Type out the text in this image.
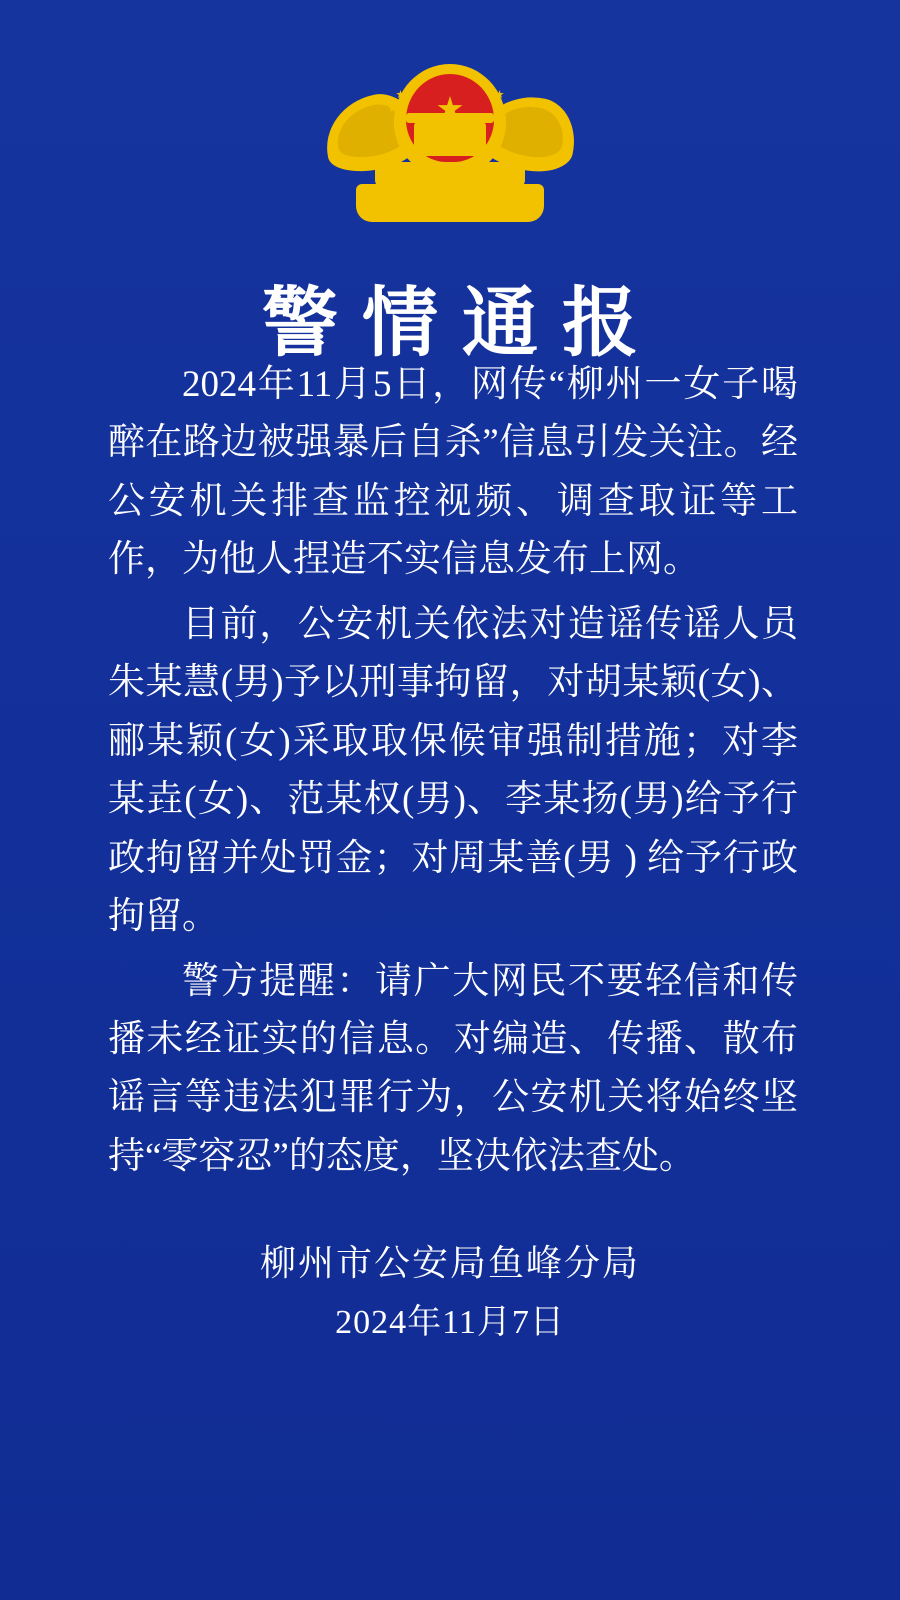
警情通报

2024年11月5日，网传“柳州一女子喝醉在路边被强暴后自杀”信息引发关注。经公安机关排查监控视频、调查取证等工作，为他人捏造不实信息发布上网。

目前，公安机关依法对造谣传谣人员朱某慧(男)予以刑事拘留，对胡某颖(女)、郦某颖(女)采取取保候审强制措施；对李某垚(女)、范某权(男)、李某扬(男)给予行政拘留并处罚金；对周某善(男 ) 给予行政拘留。

警方提醒：请广大网民不要轻信和传播未经证实的信息。对编造、传播、散布谣言等违法犯罪行为，公安机关将始终坚持“零容忍”的态度，坚决依法查处。

柳州市公安局鱼峰分局
2024年11月7日
